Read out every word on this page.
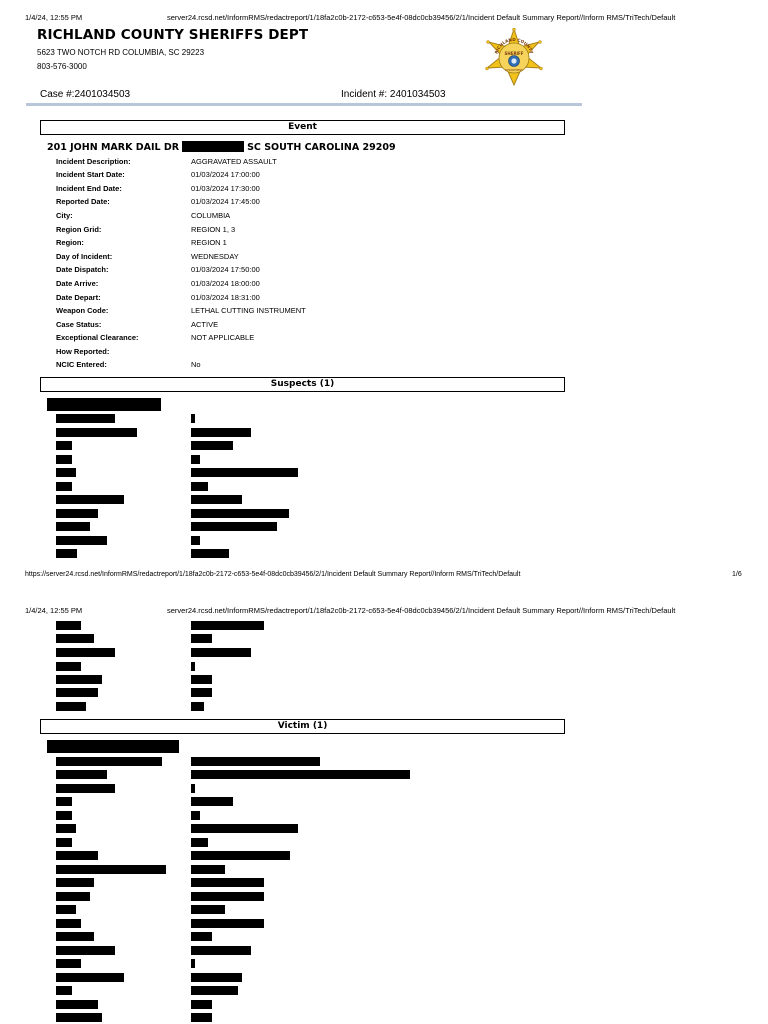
1/4/24, 12:55 PM	server24.rcsd.net/InformRMS/redactreport/1/18fa2c0b-2172-c653-5e4f-08dc0cb39456/2/1/Incident Default Summary Report//Inform RMS/TriTech/Default
RICHLAND COUNTY SHERIFFS DEPT
5623 TWO NOTCH RD COLUMBIA, SC 29223
803-576-3000
RICHLAND COUNTY
SHERIFF
DEPARTMENT
Case #:2401034503	Incident #: 2401034503
Event
201 JOHN MARK DAIL DR	SC SOUTH CAROLINA 29209
Incident Description:	AGGRAVATED ASSAULT
Incident Start Date:	01/03/2024 17:00:00
Incident End Date:	01/03/2024 17:30:00
Reported Date:	01/03/2024 17:45:00
City:	COLUMBIA
Region Grid:	REGION 1, 3
Region:	REGION 1
Day of Incident:	WEDNESDAY
Date Dispatch:	01/03/2024 17:50:00
Date Arrive:	01/03/2024 18:00:00
Date Depart:	01/03/2024 18:31:00
Weapon Code:	LETHAL CUTTING INSTRUMENT
Case Status:	ACTIVE
Exceptional Clearance:	NOT APPLICABLE
How Reported:
NCIC Entered:	No
Suspects (1)
https://server24.rcsd.net/InformRMS/redactreport/1/18fa2c0b-2172-c653-5e4f-08dc0cb39456/2/1/Incident Default Summary Report//Inform RMS/TriTech/Default	1/6
1/4/24, 12:55 PM	server24.rcsd.net/InformRMS/redactreport/1/18fa2c0b-2172-c653-5e4f-08dc0cb39456/2/1/Incident Default Summary Report//Inform RMS/TriTech/Default
Victim (1)
